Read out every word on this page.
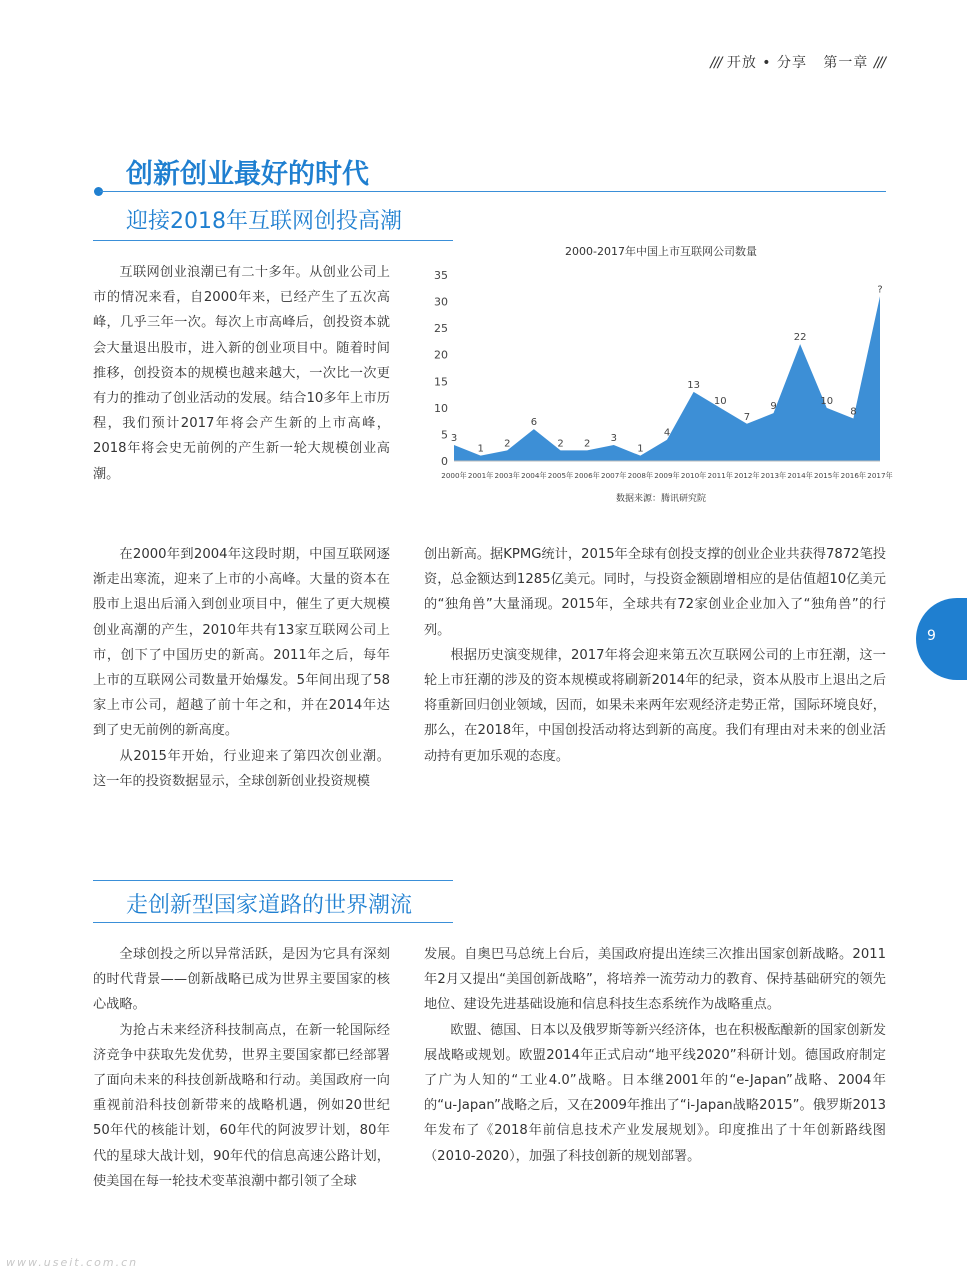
/// 开放 • 分享 第一章 ///
创新创业最好的时代
迎接2018年互联网创投高潮

互联网创业浪潮已有二十多年。从创业公司上市的情况来看，自2000年来，已经产生了五次高峰，几乎三年一次。每次上市高峰后，创投资本就会大量退出股市，进入新的创业项目中。随着时间推移，创投资本的规模也越来越大，一次比一次更有力的推动了创业活动的发展。结合10多年上市历程，我们预计2017年将会产生新的上市高峰，2018年将会史无前例的产生新一轮大规模创业高潮。

2000-2017年中国上市互联网公司数量
0
5
10
15
20
25
30
35
3
1 2
6
2 2 3
1
4
13
10
7
9
22
10
8
?
2000年 2001年 2003年 2004年 2005年 2006年 2007年 2008年 2009年 2010年 2011年 2012年 2013年 2014年 2015年 2016年 2017年
数据来源：腾讯研究院

在2000年到2004年这段时期，中国互联网逐渐走出寒流，迎来了上市的小高峰。大量的资本在股市上退出后涌入到创业项目中，催生了更大规模创业高潮的产生，2010年共有13家互联网公司上市，创下了中国历史的新高。2011年之后，每年上市的互联网公司数量开始爆发。5年间出现了58家上市公司，超越了前十年之和，并在2014年达到了史无前例的新高度。

从2015年开始，行业迎来了第四次创业潮。这一年的投资数据显示，全球创新创业投资规模

创出新高。据KPMG统计，2015年全球有创投支撑的创业企业共获得7872笔投资，总金额达到1285亿美元。同时，与投资金额剧增相应的是估值超10亿美元的“独角兽”大量涌现。2015年，全球共有72家创业企业加入了“独角兽”的行列。

根据历史演变规律，2017年将会迎来第五次互联网公司的上市狂潮，这一轮上市狂潮的涉及的资本规模或将刷新2014年的纪录，资本从股市上退出之后将重新回归创业领域，因而，如果未来两年宏观经济走势正常，国际环境良好，那么，在2018年，中国创投活动将达到新的高度。我们有理由对未来的创业活动持有更加乐观的态度。

9
走创新型国家道路的世界潮流

全球创投之所以异常活跃，是因为它具有深刻的时代背景——创新战略已成为世界主要国家的核心战略。

为抢占未来经济科技制高点，在新一轮国际经济竞争中获取先发优势，世界主要国家都已经部署了面向未来的科技创新战略和行动。美国政府一向重视前沿科技创新带来的战略机遇，例如20世纪50年代的核能计划，60年代的阿波罗计划，80年代的星球大战计划，90年代的信息高速公路计划，使美国在每一轮技术变革浪潮中都引领了全球

发展。自奥巴马总统上台后，美国政府提出连续三次推出国家创新战略。2011年2月又提出“美国创新战略”，将培养一流劳动力的教育、保持基础研究的领先地位、建设先进基础设施和信息科技生态系统作为战略重点。

欧盟、德国、日本以及俄罗斯等新兴经济体，也在积极酝酿新的国家创新发展战略或规划。欧盟2014年正式启动“地平线2020”科研计划。德国政府制定了广为人知的“工业4.0”战略。日本继2001年的“e-Japan”战略、2004年的“u-Japan”战略之后，又在2009年推出了“i-Japan战略2015”。俄罗斯2013年发布了《2018年前信息技术产业发展规划》。印度推出了十年创新路线图（2010-2020），加强了科技创新的规划部署。

www.useit.com.cn
